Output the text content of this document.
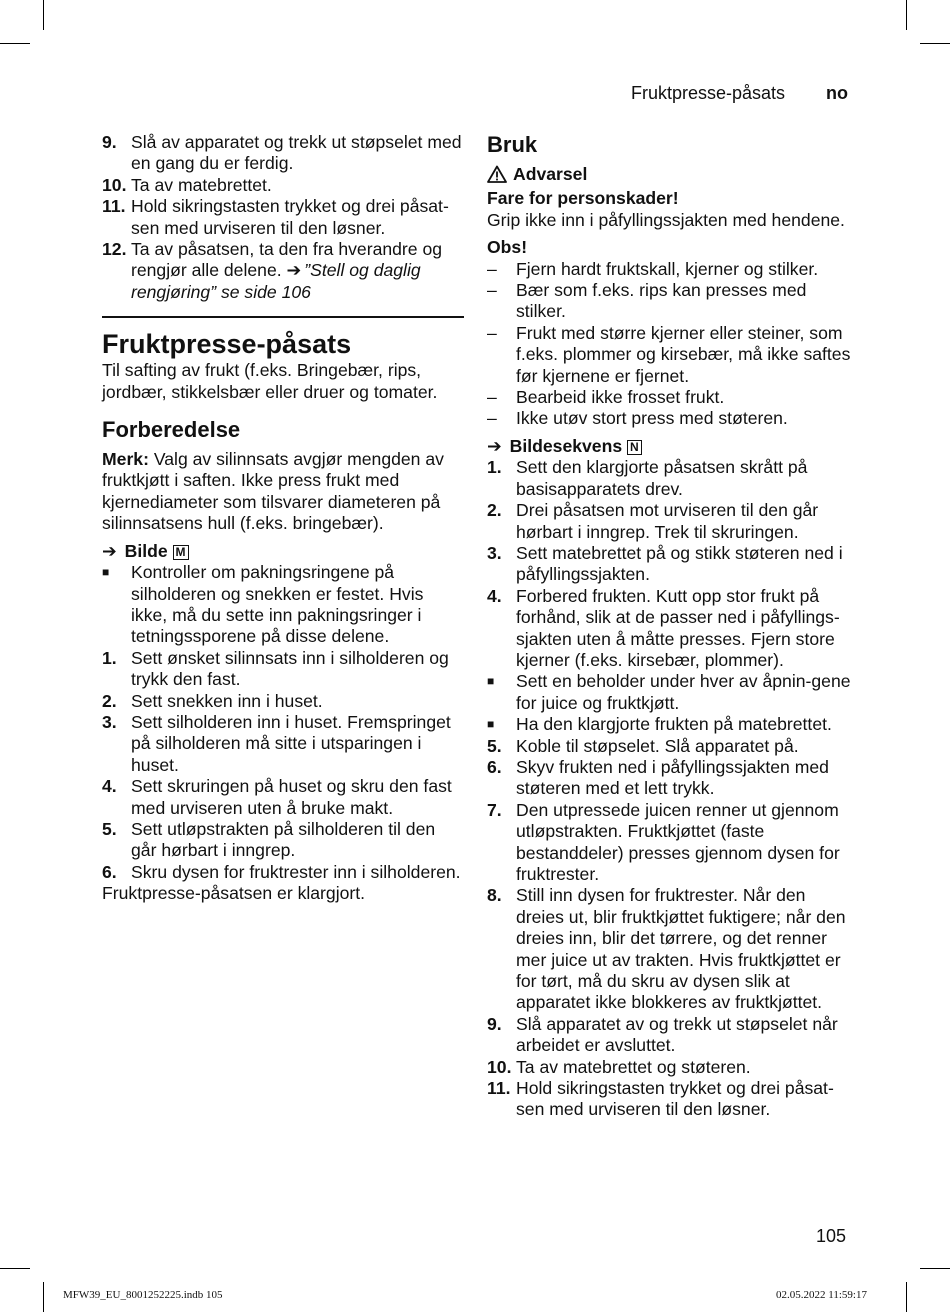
Fruktpresse-påsats no
9. Slå av apparatet og trekk ut støpselet med en gang du er ferdig.
10. Ta av matebrettet.
11. Hold sikringstasten trykket og drei påsat-sen med urviseren til den løsner.
12. Ta av påsatsen, ta den fra hverandre og rengjør alle delene. ➔ ”Stell og daglig rengjøring” se side 106
Fruktpresse-påsats

Til safting av frukt (f.eks. Bringebær, rips, jordbær, stikkelsbær eller druer og tomater.

Forberedelse

Merk: Valg av silinnsats avgjør mengden av fruktkjøtt i saften. Ikke press frukt med kjernediameter som tilsvarer diameteren på silinnsatsens hull (f.eks. bringebær).

➔ Bilde M
■	Kontroller om pakningsringene på silholderen og snekken er festet. Hvis ikke, må du sette inn pakningsringer i tetningssporene på disse delene.
1. Sett ønsket silinnsats inn i silholderen og trykk den fast.
2. Sett snekken inn i huset.
3. Sett silholderen inn i huset. Fremspringet på silholderen må sitte i utsparingen i huset.
4. Sett skruringen på huset og skru den fast med urviseren uten å bruke makt.
5. Sett utløpstrakten på silholderen til den går hørbart i inngrep.
6. Skru dysen for fruktrester inn i silholderen.

Fruktpresse-påsatsen er klargjort.

Bruk
Advarsel
Fare for personskader!

Grip ikke inn i påfyllingssjakten med hendene.

Obs!
–	Fjern hardt fruktskall, kjerner og stilker.
–	Bær som f.eks. rips kan presses med stilker.
–	Frukt med større kjerner eller steiner, som f.eks. plommer og kirsebær, må ikke saftes før kjernene er fjernet.
–	Bearbeid ikke frosset frukt.
–	Ikke utøv stort press med støteren.
➔ Bildesekvens N
1. Sett den klargjorte påsatsen skrått på basisapparatets drev.
2. Drei påsatsen mot urviseren til den går hørbart i inngrep. Trek til skruringen.
3. Sett matebrettet på og stikk støteren ned i påfyllingssjakten.
4. Forbered frukten. Kutt opp stor frukt på forhånd, slik at de passer ned i påfyllings-sjakten uten å måtte presses. Fjern store kjerner (f.eks. kirsebær, plommer).
■	Sett en beholder under hver av åpnin-gene for juice og fruktkjøtt.
■	Ha den klargjorte frukten på matebrettet.
5. Koble til støpselet. Slå apparatet på.
6. Skyv frukten ned i påfyllingssjakten med støteren med et lett trykk.
7. Den utpressede juicen renner ut gjennom utløpstrakten. Fruktkjøttet (faste bestanddeler) presses gjennom dysen for fruktrester.
8. Still inn dysen for fruktrester. Når den dreies ut, blir fruktkjøttet fuktigere; når den dreies inn, blir det tørrere, og det renner mer juice ut av trakten. Hvis fruktkjøttet er for tørt, må du skru av dysen slik at apparatet ikke blokkeres av fruktkjøttet.
9. Slå apparatet av og trekk ut støpselet når arbeidet er avsluttet.
10. Ta av matebrettet og støteren.
11. Hold sikringstasten trykket og drei påsat-sen med urviseren til den løsner.
105
MFW39_EU_8001252225.indb 105	02.05.2022 11:59:17
